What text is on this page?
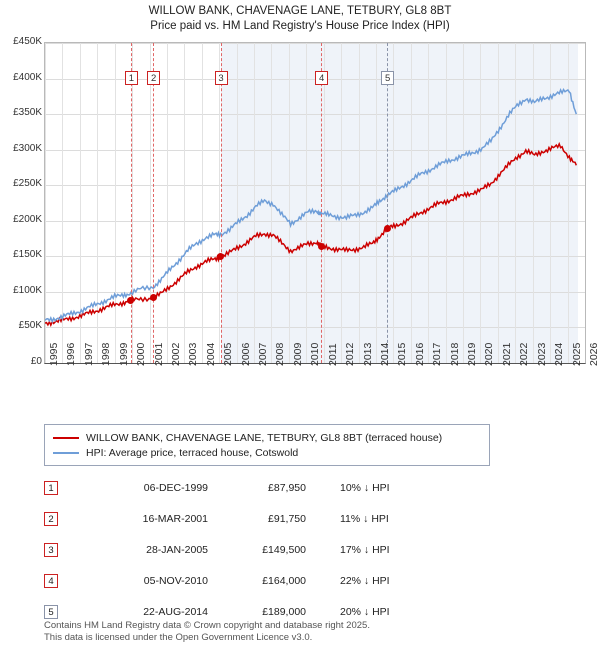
WILLOW BANK, CHAVENAGE LANE, TETBURY, GL8 8BT
Price paid vs. HM Land Registry's House Price Index (HPI)
1	2	3	4	5
£0
£50K
£100K
£150K
£200K
£250K
£300K
£350K
£400K
£450K
1995 1996 1997 1998 1999 2000 2001 2002 2003 2004 2005 2006 2007 2008 2009 2010 2011 2012 2013 2014 2015 2016 2017 2018 2019 2020 2021 2022 2023 2024 2025 2026
WILLOW BANK, CHAVENAGE LANE, TETBURY, GL8 8BT (terraced house)
HPI: Average price, terraced house, Cotswold
1	06-DEC-1999	£87,950	10% ↓ HPI
2	16-MAR-2001	£91,750	11% ↓ HPI
3	28-JAN-2005	£149,500	17% ↓ HPI
4	05-NOV-2010	£164,000	22% ↓ HPI
5	22-AUG-2014	£189,000	20% ↓ HPI
Contains HM Land Registry data © Crown copyright and database right 2025.
This data is licensed under the Open Government Licence v3.0.
